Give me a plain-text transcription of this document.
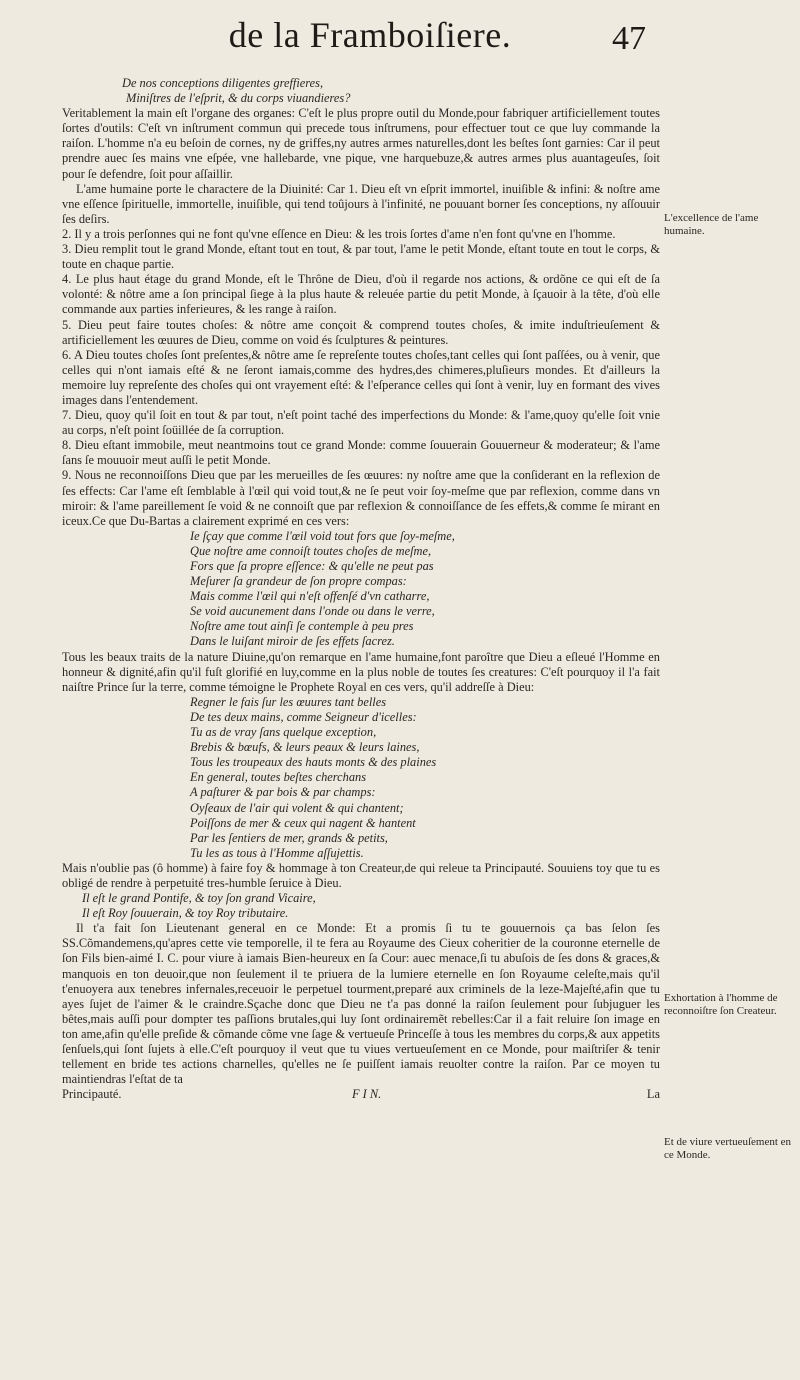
de la Framboiſiere.	47

De nos conceptions diligentes greffieres,

Miniſtres de l'eſprit, & du corps viuandieres?

Veritablement la main eſt l'organe des organes: C'eſt le plus propre outil du Monde,pour fabriquer artificiellement toutes ſortes d'outils: C'eſt vn inſtrument commun qui precede tous inſtrumens, pour effectuer tout ce que luy commande la raiſon. L'homme n'a eu beſoin de cornes, ny de griffes,ny autres armes naturelles,dont les beſtes ſont garnies: Car il peut prendre auec ſes mains vne eſpée, vne hallebarde, vne pique, vne harquebuze,& autres armes plus auantageuſes, ſoit pour ſe defendre, ſoit pour aſſaillir.

L'ame humaine porte le charactere de la Diuinité: Car 1. Dieu eſt vn eſprit immortel, inuiſible & infini: & noſtre ame vne eſſence ſpirituelle, immortelle, inuiſible, qui tend toûjours à l'infinité, ne pouuant borner ſes conceptions, ny aſſouuir ſes deſirs.

2. Il y a trois perſonnes qui ne font qu'vne eſſence en Dieu: & les trois ſortes d'ame n'en font qu'vne en l'homme.

3. Dieu remplit tout le grand Monde, eſtant tout en tout, & par tout, l'ame le petit Monde, eſtant toute en tout le corps, & toute en chaque partie.

4. Le plus haut étage du grand Monde, eſt le Thrône de Dieu, d'où il regarde nos actions, & ordõne ce qui eſt de ſa volonté: & nôtre ame a ſon principal ſiege à la plus haute & releuée partie du petit Monde, à ſçauoir à la tête, d'où elle commande aux parties inferieures, & les range à raiſon.

5. Dieu peut faire toutes choſes: & nôtre ame conçoit & comprend toutes choſes, & imite induſtrieuſement & artificiellement les œuures de Dieu, comme on void és ſculptures & peintures.

6. A Dieu toutes choſes ſont preſentes,& nôtre ame ſe repreſente toutes choſes,tant celles qui ſont paſſées, ou à venir, que celles qui n'ont iamais eſté & ne ſeront iamais,comme des hydres,des chimeres,pluſieurs mondes. Et d'ailleurs la memoire luy repreſente des choſes qui ont vrayement eſté: & l'eſperance celles qui ſont à venir, luy en formant des vives images dans l'entendement.

7. Dieu, quoy qu'il ſoit en tout & par tout, n'eſt point taché des imperfections du Monde: & l'ame,quoy qu'elle ſoit vnie au corps, n'eſt point ſoüillée de ſa corruption.

8. Dieu eſtant immobile, meut neantmoins tout ce grand Monde: comme ſouuerain Gouuerneur & moderateur; & l'ame ſans ſe mouuoir meut auſſi le petit Monde.

9. Nous ne reconnoiſſons Dieu que par les merueilles de ſes œuures: ny noſtre ame que la conſiderant en la reflexion de ſes effects: Car l'ame eſt ſemblable à l'œil qui void tout,& ne ſe peut voir ſoy-meſme que par reflexion, comme dans vn miroir: & l'ame pareillement ſe void & ne connoiſt que par reflexion & connoiſſance de ſes effets,& comme ſe mirant en iceux.Ce que Du-Bartas a clairement exprimé en ces vers:

Ie ſçay que comme l'œil void tout fors que ſoy-meſme,

Que noſtre ame connoiſt toutes choſes de meſme,

Fors que ſa propre eſſence: & qu'elle ne peut pas

Meſurer ſa grandeur de ſon propre compas:

Mais comme l'œil qui n'eſt offenſé d'vn catharre,

Se void aucunement dans l'onde ou dans le verre,

Noſtre ame tout ainſi ſe contemple à peu pres

Dans le luiſant miroir de ſes effets ſacrez.

Tous les beaux traits de la nature Diuine,qu'on remarque en l'ame humaine,font paroître que Dieu a eſleué l'Homme en honneur & dignité,afin qu'il fuſt glorifié en luy,comme en la plus noble de toutes ſes creatures: C'eſt pourquoy il l'a fait naiſtre Prince ſur la terre, comme témoigne le Prophete Royal en ces vers, qu'il addreſſe à Dieu:

Regner le fais ſur les œuures tant belles

De tes deux mains, comme Seigneur d'icelles:

Tu as de vray ſans quelque exception,

Brebis & bœufs, & leurs peaux & leurs laines,

Tous les troupeaux des hauts monts & des plaines

En general, toutes beſtes cherchans

A paſturer & par bois & par champs:

Oyſeaux de l'air qui volent & qui chantent;

Poiſſons de mer & ceux qui nagent & hantent

Par les ſentiers de mer, grands & petits,

Tu les as tous à l'Homme aſſujettis.

Mais n'oublie pas (ô homme) à faire foy & hommage à ton Createur,de qui releue ta Principauté. Souuiens toy que tu es obligé de rendre à perpetuité tres-humble ſeruice à Dieu.

Il eſt le grand Pontife, & toy ſon grand Vicaire,

Il eſt Roy ſouuerain, & toy Roy tributaire.

Il t'a fait ſon Lieutenant general en ce Monde: Et a promis ſi tu te gouuernois ça bas ſelon ſes SS.Cõmandemens,qu'apres cette vie temporelle, il te fera au Royaume des Cieux coheritier de la couronne eternelle de ſon Fils bien-aimé I. C. pour viure à iamais Bien-heureux en ſa Cour: auec menace,ſi tu abuſois de ſes dons & graces,& manquois en ton deuoir,que non ſeulement il te priuera de la lumiere eternelle en ſon Royaume celeſte,mais qu'il t'enuoyera aux tenebres infernales,receuoir le perpetuel tourment,preparé aux criminels de la leze-Majeſté,afin que tu ayes ſujet de l'aimer & le craindre.Sçache donc que Dieu ne t'a pas donné la raiſon ſeulement pour ſubjuguer les bêtes,mais auſſi pour dompter tes paſſions brutales,qui luy ſont ordinairemẽt rebelles:Car il a fait reluire ſon image en ton ame,afin qu'elle preſide & cõmande cõme vne ſage & vertueuſe Princeſſe à tous les membres du corps,& aux appetits ſenſuels,qui ſont ſujets à elle.C'eſt pourquoy il veut que tu viues vertueuſement en ce Monde, pour maiſtriſer & tenir tellement en bride tes actions charnelles, qu'elles ne ſe puiſſent iamais reuolter contre la raiſon. Par ce moyen tu maintiendras l'eſtat de ta

Principauté.	F I N.	La
L'excellence de l'ame humaine.
Exhortation à l'homme de reconnoiſtre ſon Createur.
Et de viure vertueuſement en ce Monde.
